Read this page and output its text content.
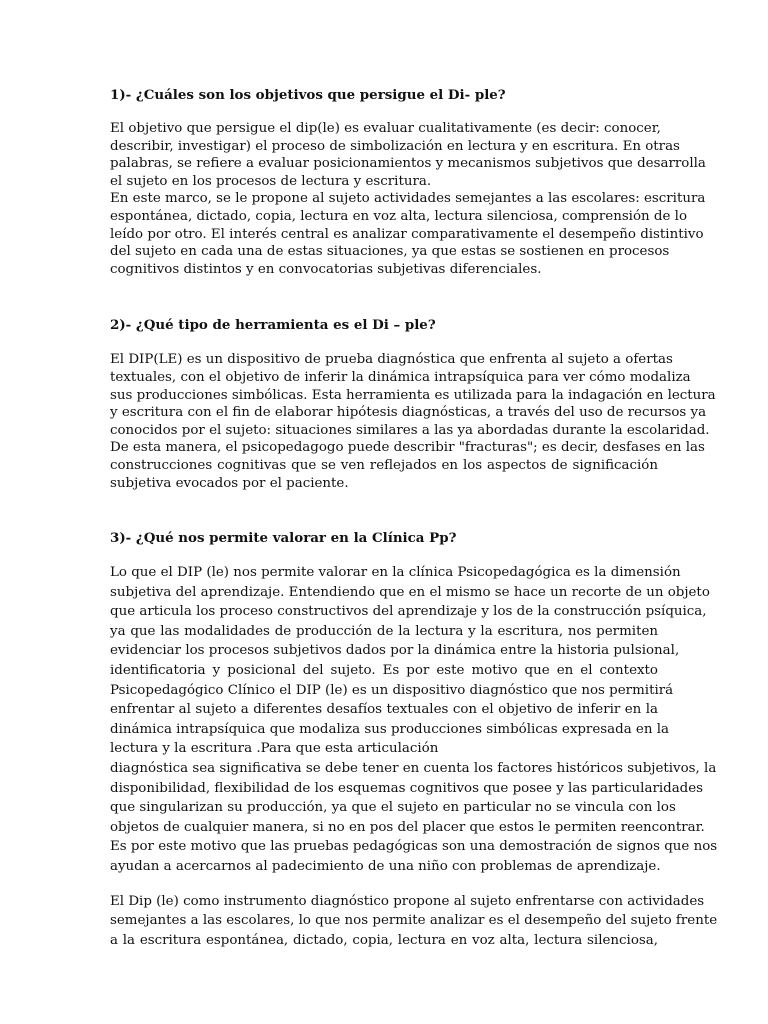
1)- ¿Cuáles son los objetivos que persigue el Di- ple?

El objetivo que persigue el dip(le) es evaluar cualitativamente (es decir: conocer,
describir, investigar) el proceso de simbolización en lectura y en escritura. En otras
palabras, se refiere a evaluar posicionamientos y mecanismos subjetivos que desarrolla
el sujeto en los procesos de lectura y escritura.
En este marco, se le propone al sujeto actividades semejantes a las escolares: escritura
espontánea, dictado, copia, lectura en voz alta, lectura silenciosa, comprensión de lo
leído por otro. El interés central es analizar comparativamente el desempeño distintivo
del sujeto en cada una de estas situaciones, ya que estas se sostienen en procesos
cognitivos distintos y en convocatorias subjetivas diferenciales.

2)- ¿Qué tipo de herramienta es el Di – ple?

El DIP(LE) es un dispositivo de prueba diagnóstica que enfrenta al sujeto a ofertas
textuales, con el objetivo de inferir la dinámica intrapsíquica para ver cómo modaliza
sus producciones simbólicas. Esta herramienta es utilizada para la indagación en lectura
y escritura con el fin de elaborar hipótesis diagnósticas, a través del uso de recursos ya
conocidos por el sujeto: situaciones similares a las ya abordadas durante la escolaridad.
De esta manera, el psicopedagogo puede describir "fracturas"; es decir, desfases en las
construcciones cognitivas que se ven reflejados en los aspectos de significación
subjetiva evocados por el paciente.

3)- ¿Qué nos permite valorar en la Clínica Pp?

Lo que el DIP (le) nos permite valorar en la clínica Psicopedagógica es la dimensión
subjetiva del aprendizaje. Entendiendo que en el mismo se hace un recorte de un objeto
que articula los proceso constructivos del aprendizaje y los de la construcción psíquica,
ya que las modalidades de producción de la lectura y la escritura, nos permiten
evidenciar los procesos subjetivos dados por la dinámica entre la historia pulsional,
identificatoria y posicional del sujeto. Es por este motivo que en el contexto
Psicopedagógico Clínico el DIP (le) es un dispositivo diagnóstico que nos permitirá
enfrentar al sujeto a diferentes desafíos textuales con el objetivo de inferir en la
dinámica intrapsíquica que modaliza sus producciones simbólicas expresada en la
lectura y la escritura .Para que esta articulación
diagnóstica sea significativa se debe tener en cuenta los factores históricos subjetivos, la
disponibilidad, flexibilidad de los esquemas cognitivos que posee y las particularidades
que singularizan su producción, ya que el sujeto en particular no se vincula con los
objetos de cualquier manera, si no en pos del placer que estos le permiten reencontrar.
Es por este motivo que las pruebas pedagógicas son una demostración de signos que nos
ayudan a acercarnos al padecimiento de una niño con problemas de aprendizaje.
El Dip (le) como instrumento diagnóstico propone al sujeto enfrentarse con actividades
semejantes a las escolares, lo que nos permite analizar es el desempeño del sujeto frente
a la escritura espontánea, dictado, copia, lectura en voz alta, lectura silenciosa,
